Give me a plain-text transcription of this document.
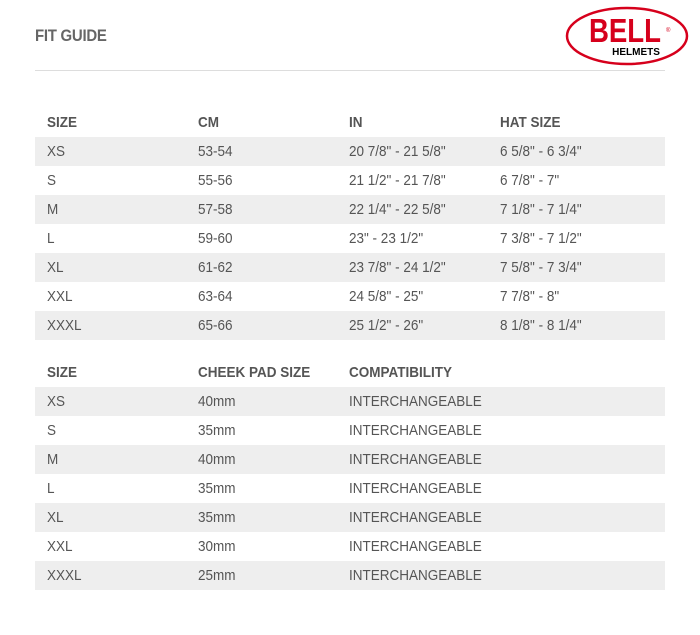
FIT GUIDE	BELL ®
HELMETS
SIZE	CM	IN	HAT SIZE
XS	53-54	20 7/8" - 21 5/8"	6 5/8" - 6 3/4"
S	55-56	21 1/2" - 21 7/8"	6 7/8" - 7"
M	57-58	22 1/4" - 22 5/8"	7 1/8" - 7 1/4"
L	59-60	23" - 23 1/2"	7 3/8" - 7 1/2"
XL	61-62	23 7/8" - 24 1/2"	7 5/8" - 7 3/4"
XXL	63-64	24 5/8" - 25"	7 7/8" - 8"
XXXL	65-66	25 1/2" - 26"	8 1/8" - 8 1/4"
SIZE	CHEEK PAD SIZE	COMPATIBILITY
XS	40mm	INTERCHANGEABLE
S	35mm	INTERCHANGEABLE
M	40mm	INTERCHANGEABLE
L	35mm	INTERCHANGEABLE
XL	35mm	INTERCHANGEABLE
XXL	30mm	INTERCHANGEABLE
XXXL	25mm	INTERCHANGEABLE
